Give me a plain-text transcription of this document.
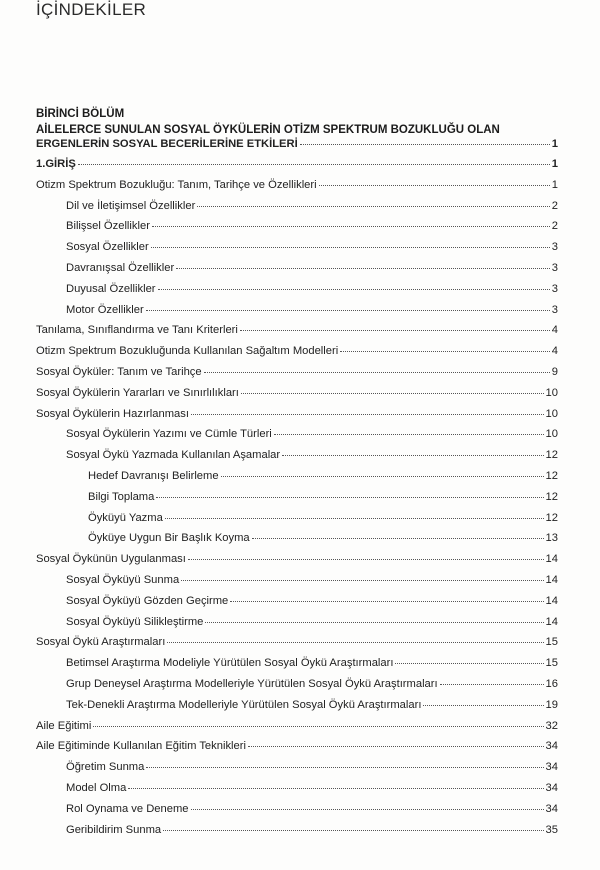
İÇİNDEKİLER
BİRİNCİ BÖLÜM
AİLELERCE SUNULAN SOSYAL ÖYKÜLERİN OTİZM SPEKTRUM BOZUKLUĞU OLAN
ERGENLERİN SOSYAL BECERİLERİNE ETKİLERİ	1
1.GİRİŞ	1
Otizm Spektrum Bozukluğu: Tanım, Tarihçe ve Özellikleri	1
Dil ve İletişimsel Özellikler	2
Bilişsel Özellikler	2
Sosyal Özellikler	3
Davranışsal Özellikler	3
Duyusal Özellikler	3
Motor Özellikler	3
Tanılama, Sınıflandırma ve Tanı Kriterleri	4
Otizm Spektrum Bozukluğunda Kullanılan Sağaltım Modelleri	4
Sosyal Öyküler: Tanım ve Tarihçe	9
Sosyal Öykülerin Yararları ve Sınırlılıkları	10
Sosyal Öykülerin Hazırlanması	10
Sosyal Öykülerin Yazımı ve Cümle Türleri	10
Sosyal Öykü Yazmada Kullanılan Aşamalar	12
Hedef Davranışı Belirleme	12
Bilgi Toplama	12
Öyküyü Yazma	12
Öyküye Uygun Bir Başlık Koyma	13
Sosyal Öykünün Uygulanması	14
Sosyal Öyküyü Sunma	14
Sosyal Öyküyü Gözden Geçirme	14
Sosyal Öyküyü Silikleştirme	14
Sosyal Öykü Araştırmaları	15
Betimsel Araştırma Modeliyle Yürütülen Sosyal Öykü Araştırmaları	15
Grup Deneysel Araştırma Modelleriyle Yürütülen Sosyal Öykü Araştırmaları	16
Tek-Denekli Araştırma Modelleriyle Yürütülen Sosyal Öykü Araştırmaları	19
Aile Eğitimi	32
Aile Eğitiminde Kullanılan Eğitim Teknikleri	34
Öğretim Sunma	34
Model Olma	34
Rol Oynama ve Deneme	34
Geribildirim Sunma	35
